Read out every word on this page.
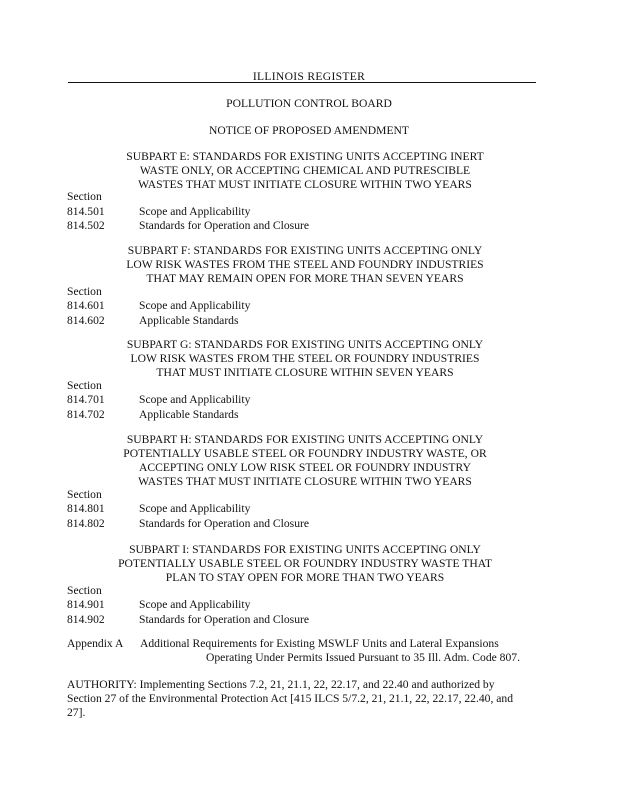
ILLINOIS REGISTER
POLLUTION CONTROL BOARD
NOTICE OF PROPOSED AMENDMENT
SUBPART E: STANDARDS FOR EXISTING UNITS ACCEPTING INERT
WASTE ONLY, OR ACCEPTING CHEMICAL AND PUTRESCIBLE
WASTES THAT MUST INITIATE CLOSURE WITHIN TWO YEARS
Section
814.501	Scope and Applicability
814.502	Standards for Operation and Closure
SUBPART F: STANDARDS FOR EXISTING UNITS ACCEPTING ONLY
LOW RISK WASTES FROM THE STEEL AND FOUNDRY INDUSTRIES
THAT MAY REMAIN OPEN FOR MORE THAN SEVEN YEARS
Section
814.601	Scope and Applicability
814.602	Applicable Standards
SUBPART G: STANDARDS FOR EXISTING UNITS ACCEPTING ONLY
LOW RISK WASTES FROM THE STEEL OR FOUNDRY INDUSTRIES
THAT MUST INITIATE CLOSURE WITHIN SEVEN YEARS
Section
814.701	Scope and Applicability
814.702	Applicable Standards
SUBPART H: STANDARDS FOR EXISTING UNITS ACCEPTING ONLY
POTENTIALLY USABLE STEEL OR FOUNDRY INDUSTRY WASTE, OR
ACCEPTING ONLY LOW RISK STEEL OR FOUNDRY INDUSTRY
WASTES THAT MUST INITIATE CLOSURE WITHIN TWO YEARS
Section
814.801	Scope and Applicability
814.802	Standards for Operation and Closure
SUBPART I: STANDARDS FOR EXISTING UNITS ACCEPTING ONLY
POTENTIALLY USABLE STEEL OR FOUNDRY INDUSTRY WASTE THAT
PLAN TO STAY OPEN FOR MORE THAN TWO YEARS
Section
814.901	Scope and Applicability
814.902	Standards for Operation and Closure
Appendix A Additional Requirements for Existing MSWLF Units and Lateral Expansions
Operating Under Permits Issued Pursuant to 35 Ill. Adm. Code 807.
AUTHORITY: Implementing Sections 7.2, 21, 21.1, 22, 22.17, and 22.40 and authorized by
Section 27 of the Environmental Protection Act [415 ILCS 5/7.2, 21, 21.1, 22, 22.17, 22.40, and
27].
